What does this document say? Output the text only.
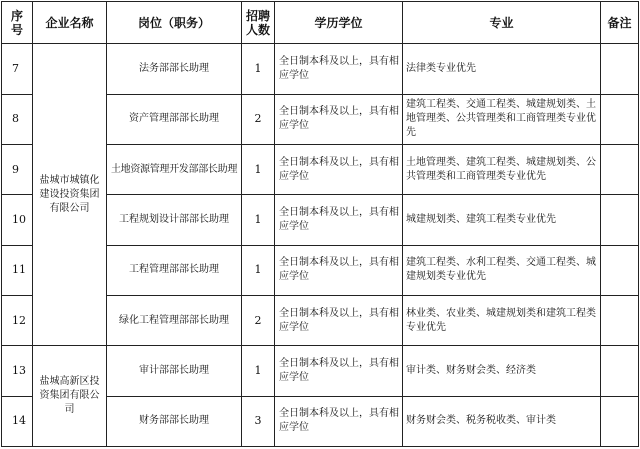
序号	企业名称	岗位（职务）	招聘人数	学历学位	专业	备注
7	盐城市城镇化建设投资集团有限公司	法务部部长助理	1	全日制本科及以上，具有相应学位	法律类专业优先	
8		资产管理部部长助理	2	全日制本科及以上，具有相应学位	建筑工程类、交通工程类、城建规划类、土地管理类、公共管理类和工商管理类专业优先	
9		土地资源管理开发部部长助理	1	全日制本科及以上，具有相应学位	土地管理类、建筑工程类、城建规划类、公共管理类和工商管理类专业优先	
10		工程规划设计部部长助理	1	全日制本科及以上，具有相应学位	城建规划类、建筑工程类专业优先	
11		工程管理部部长助理	1	全日制本科及以上，具有相应学位	建筑工程类、水利工程类、交通工程类、城建规划类专业优先	
12		绿化工程管理部部长助理	2	全日制本科及以上，具有相应学位	林业类、农业类、城建规划类和建筑工程类专业优先	
13	盐城高新区投资集团有限公司	审计部部长助理	1	全日制本科及以上，具有相应学位	审计类、财务财会类、经济类	
14		财务部部长助理	3	全日制本科及以上，具有相应学位	财务财会类、税务税收类、审计类	
